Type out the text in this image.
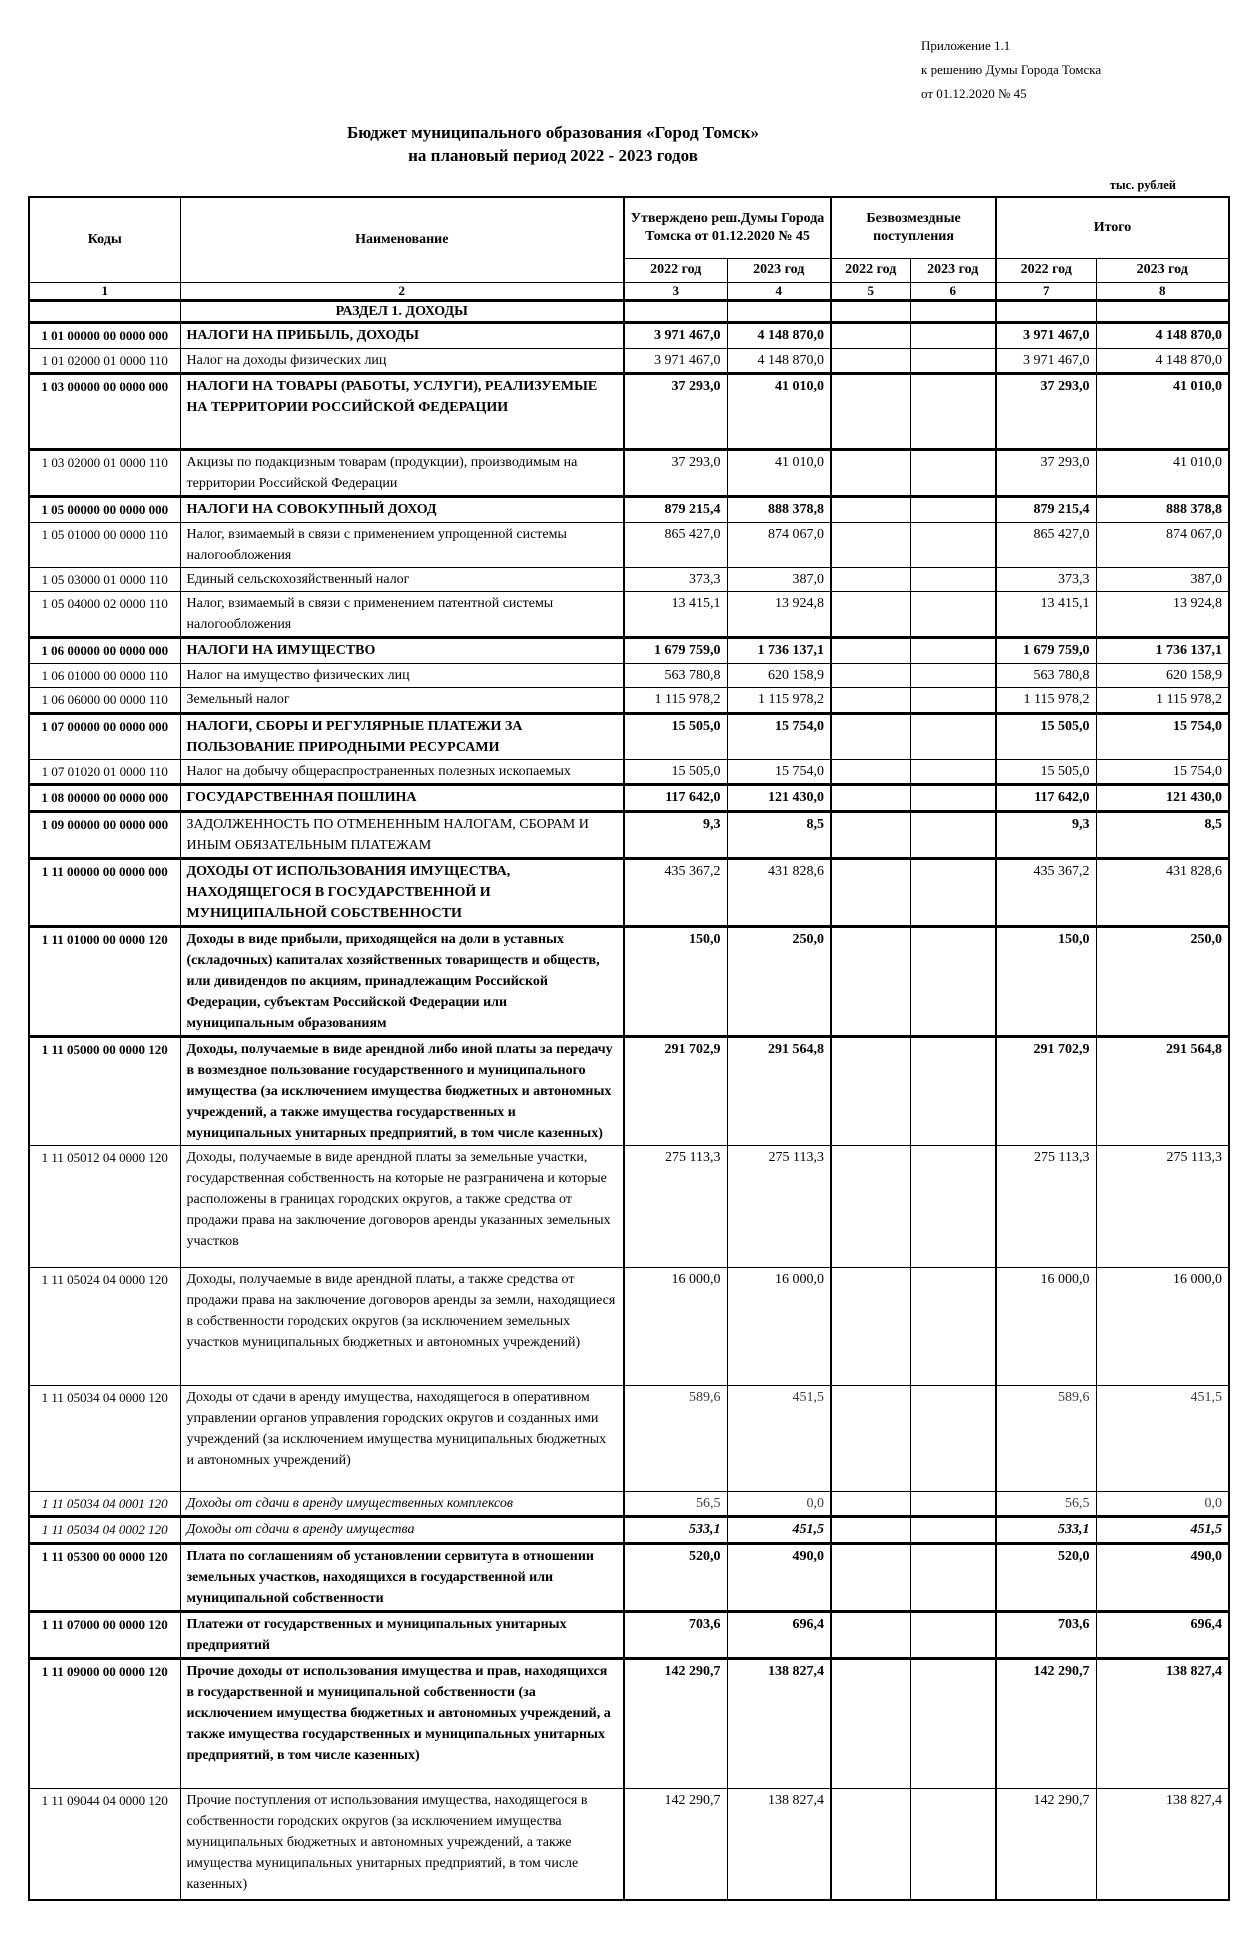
Приложение 1.1
к решению Думы Города Томска
от 01.12.2020 № 45
Бюджет муниципального образования «Город Томск»
на плановый период 2022 - 2023 годов
тыс. рублей
Коды	Наименование	Утверждено реш.Думы Города Томска от 01.12.2020 № 45		Безвозмездные поступления		Итого	
		2022 год	2023 год	2022 год	2023 год	2022 год	2023 год
1	2	3	4	5	6	7	8
	РАЗДЕЛ 1. ДОХОДЫ						
1 01 00000 00 0000 000	НАЛОГИ НА ПРИБЫЛЬ, ДОХОДЫ	3 971 467,0	4 148 870,0			3 971 467,0	4 148 870,0
1 01 02000 01 0000 110	Налог на доходы физических лиц	3 971 467,0	4 148 870,0			3 971 467,0	4 148 870,0
1 03 00000 00 0000 000	НАЛОГИ НА ТОВАРЫ (РАБОТЫ, УСЛУГИ), РЕАЛИЗУЕМЫЕ НА ТЕРРИТОРИИ РОССИЙСКОЙ ФЕДЕРАЦИИ	37 293,0	41 010,0			37 293,0	41 010,0
1 03 02000 01 0000 110	Акцизы по подакцизным товарам (продукции), производимым на территории Российской Федерации	37 293,0	41 010,0			37 293,0	41 010,0
1 05 00000 00 0000 000	НАЛОГИ НА СОВОКУПНЫЙ ДОХОД	879 215,4	888 378,8			879 215,4	888 378,8
1 05 01000 00 0000 110	Налог, взимаемый в связи с применением упрощенной системы налогообложения	865 427,0	874 067,0			865 427,0	874 067,0
1 05 03000 01 0000 110	Единый сельскохозяйственный налог	373,3	387,0			373,3	387,0
1 05 04000 02 0000 110	Налог, взимаемый в связи с применением патентной системы налогообложения	13 415,1	13 924,8			13 415,1	13 924,8
1 06 00000 00 0000 000	НАЛОГИ НА ИМУЩЕСТВО	1 679 759,0	1 736 137,1			1 679 759,0	1 736 137,1
1 06 01000 00 0000 110	Налог на имущество физических лиц	563 780,8	620 158,9			563 780,8	620 158,9
1 06 06000 00 0000 110	Земельный налог	1 115 978,2	1 115 978,2			1 115 978,2	1 115 978,2
1 07 00000 00 0000 000	НАЛОГИ, СБОРЫ И РЕГУЛЯРНЫЕ ПЛАТЕЖИ ЗА ПОЛЬЗОВАНИЕ ПРИРОДНЫМИ РЕСУРСАМИ	15 505,0	15 754,0			15 505,0	15 754,0
1 07 01020 01 0000 110	Налог на добычу общераспространенных полезных ископаемых	15 505,0	15 754,0			15 505,0	15 754,0
1 08 00000 00 0000 000	ГОСУДАРСТВЕННАЯ ПОШЛИНА	117 642,0	121 430,0			117 642,0	121 430,0
1 09 00000 00 0000 000	ЗАДОЛЖЕННОСТЬ ПО ОТМЕНЕННЫМ НАЛОГАМ, СБОРАМ И ИНЫМ ОБЯЗАТЕЛЬНЫМ ПЛАТЕЖАМ	9,3	8,5			9,3	8,5
1 11 00000 00 0000 000	ДОХОДЫ ОТ ИСПОЛЬЗОВАНИЯ ИМУЩЕСТВА, НАХОДЯЩЕГОСЯ В ГОСУДАРСТВЕННОЙ И МУНИЦИПАЛЬНОЙ СОБСТВЕННОСТИ	435 367,2	431 828,6			435 367,2	431 828,6
1 11 01000 00 0000 120	Доходы в виде прибыли, приходящейся на доли в уставных (складочных) капиталах хозяйственных товариществ и обществ, или дивидендов по акциям, принадлежащим Российской Федерации, субъектам Российской Федерации или муниципальным образованиям	150,0	250,0			150,0	250,0
1 11 05000 00 0000 120	Доходы, получаемые в виде арендной либо иной платы за передачу в возмездное пользование государственного и муниципального имущества (за исключением имущества бюджетных и автономных учреждений, а также имущества государственных и муниципальных унитарных предприятий, в том числе казенных)	291 702,9	291 564,8			291 702,9	291 564,8
1 11 05012 04 0000 120	Доходы, получаемые в виде арендной платы за земельные участки, государственная собственность на которые не разграничена и которые расположены в границах городских округов, а также средства от продажи права на заключение договоров аренды указанных земельных участков	275 113,3	275 113,3			275 113,3	275 113,3
1 11 05024 04 0000 120	Доходы, получаемые в виде арендной платы, а также средства от продажи права на заключение договоров аренды за земли, находящиеся в собственности городских округов (за исключением земельных участков муниципальных бюджетных и автономных учреждений)	16 000,0	16 000,0			16 000,0	16 000,0
1 11 05034 04 0000 120	Доходы от сдачи в аренду имущества, находящегося в оперативном управлении органов управления городских округов и созданных ими учреждений (за исключением имущества муниципальных бюджетных и автономных учреждений)	589,6	451,5			589,6	451,5
1 11 05034 04 0001 120	Доходы от сдачи в аренду имущественных комплексов	56,5	0,0			56,5	0,0
1 11 05034 04 0002 120	Доходы от сдачи в аренду имущества	533,1	451,5			533,1	451,5
1 11 05300 00 0000 120	Плата по соглашениям об установлении сервитута в отношении земельных участков, находящихся в государственной или муниципальной собственности	520,0	490,0			520,0	490,0
1 11 07000 00 0000 120	Платежи от государственных и муниципальных унитарных предприятий	703,6	696,4			703,6	696,4
1 11 09000 00 0000 120	Прочие доходы от использования имущества и прав, находящихся в государственной и муниципальной собственности (за исключением имущества бюджетных и автономных учреждений, а также имущества государственных и муниципальных унитарных предприятий, в том числе казенных)	142 290,7	138 827,4			142 290,7	138 827,4
1 11 09044 04 0000 120	Прочие поступления от использования имущества, находящегося в собственности городских округов (за исключением имущества муниципальных бюджетных и автономных учреждений, а также имущества муниципальных унитарных предприятий, в том числе казенных)	142 290,7	138 827,4			142 290,7	138 827,4
